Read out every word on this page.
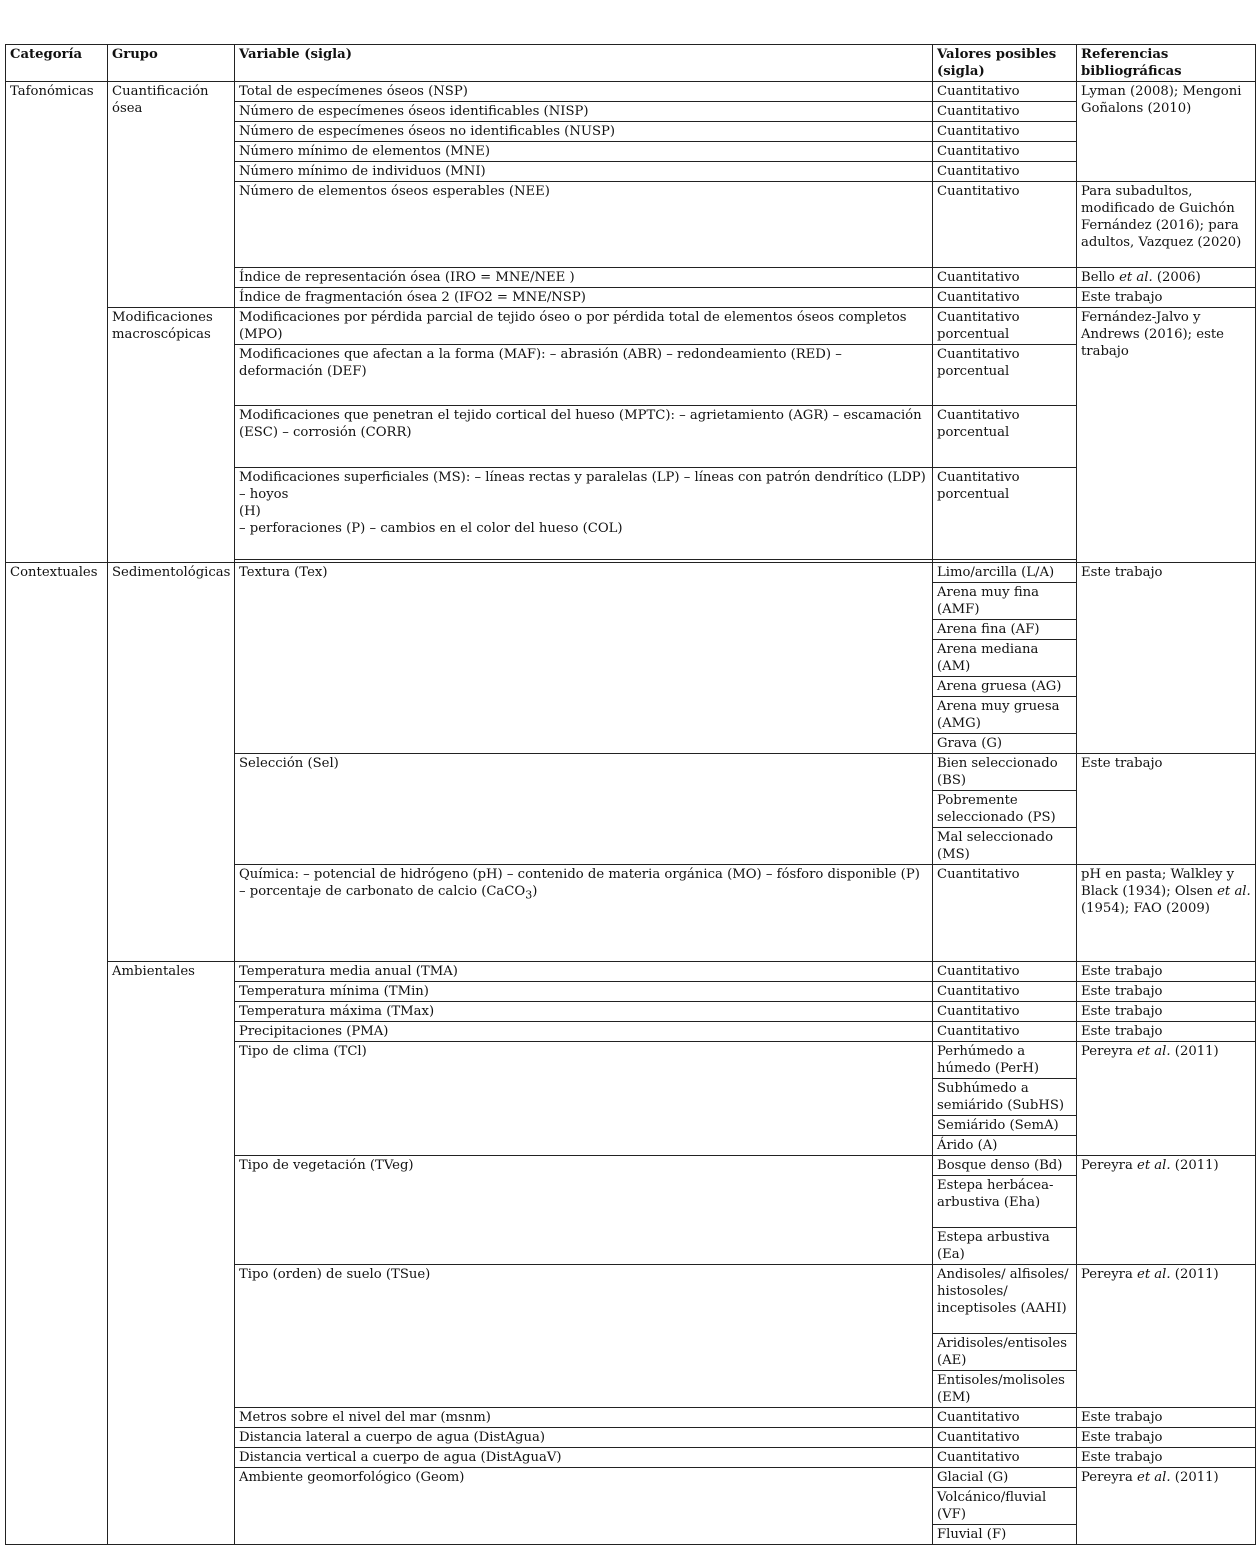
Categoría	Grupo	Variable (sigla)	Valores posibles (sigla)	Referencias bibliográficas
Tafonómicas	Cuantificación ósea	Total de especímenes óseos (NSP)	Cuantitativo	Lyman (2008); Mengoni Goñalons (2010)
		Número de especímenes óseos identificables (NISP)	Cuantitativo	
		Número de especímenes óseos no identificables (NUSP)	Cuantitativo	
		Número mínimo de elementos (MNE)	Cuantitativo	
		Número mínimo de individuos (MNI)	Cuantitativo	
		Número de elementos óseos esperables (NEE)	Cuantitativo	Para subadultos, modificado de Guichón Fernández (2016); para adultos, Vazquez (2020)
		Índice de representación ósea (IRO = MNE/NEE )	Cuantitativo	Bello et al. (2006)
		Índice de fragmentación ósea 2 (IFO2 = MNE/NSP)	Cuantitativo	Este trabajo
	Modificaciones macroscópicas	Modificaciones por pérdida parcial de tejido óseo o por pérdida total de elementos óseos completos (MPO)	Cuantitativo porcentual	Fernández-Jalvo y Andrews (2016); este trabajo
		Modificaciones que afectan a la forma (MAF): – abrasión (ABR) – redondeamiento (RED) – deformación (DEF)	Cuantitativo porcentual	
		Modificaciones que penetran el tejido cortical del hueso (MPTC): – agrietamiento (AGR) – escamación (ESC) – corrosión (CORR)	Cuantitativo porcentual	
		Modificaciones superficiales (MS): – líneas rectas y paralelas (LP) – líneas con patrón dendrítico (LDP) – hoyos
(H)
– perforaciones (P) – cambios en el color del hueso (COL)	Cuantitativo porcentual	

Contextuales	Sedimentológicas	Textura (Tex)	Limo/arcilla (L/A)	Este trabajo
			Arena muy fina (AMF)	
			Arena fina (AF)	
			Arena mediana (AM)	
			Arena gruesa (AG)	
			Arena muy gruesa (AMG)	
			Grava (G)	
		Selección (Sel)	Bien seleccionado (BS)	Este trabajo
			Pobremente seleccionado (PS)	
			Mal seleccionado (MS)	
		Química: – potencial de hidrógeno (pH) – contenido de materia orgánica (MO) – fósforo disponible (P) – porcentaje de carbonato de calcio (CaCO$_3$)	Cuantitativo	pH en pasta; Walkley y Black (1934); Olsen et al. (1954); FAO (2009)
	Ambientales	Temperatura media anual (TMA)	Cuantitativo	Este trabajo
		Temperatura mínima (TMin)	Cuantitativo	Este trabajo
		Temperatura máxima (TMax)	Cuantitativo	Este trabajo
		Precipitaciones (PMA)	Cuantitativo	Este trabajo
		Tipo de clima (TCl)	Perhúmedo a húmedo (PerH)	Pereyra et al. (2011)
			Subhúmedo a semiárido (SubHS)	
			Semiárido (SemA)	
			Árido (A)	
		Tipo de vegetación (TVeg)	Bosque denso (Bd)	Pereyra et al. (2011)
			Estepa herbácea-arbustiva (Eha)	
			Estepa arbustiva (Ea)	
		Tipo (orden) de suelo (TSue)	Andisoles/ alfisoles/ histosoles/ inceptisoles (AAHI)	Pereyra et al. (2011)
			Aridisoles/entisoles (AE)	
			Entisoles/molisoles (EM)	
		Metros sobre el nivel del mar (msnm)	Cuantitativo	Este trabajo
		Distancia lateral a cuerpo de agua (DistAgua)	Cuantitativo	Este trabajo
		Distancia vertical a cuerpo de agua (DistAguaV)	Cuantitativo	Este trabajo
		Ambiente geomorfológico (Geom)	Glacial (G)	Pereyra et al. (2011)
			Volcánico/fluvial (VF)	
			Fluvial (F)	
